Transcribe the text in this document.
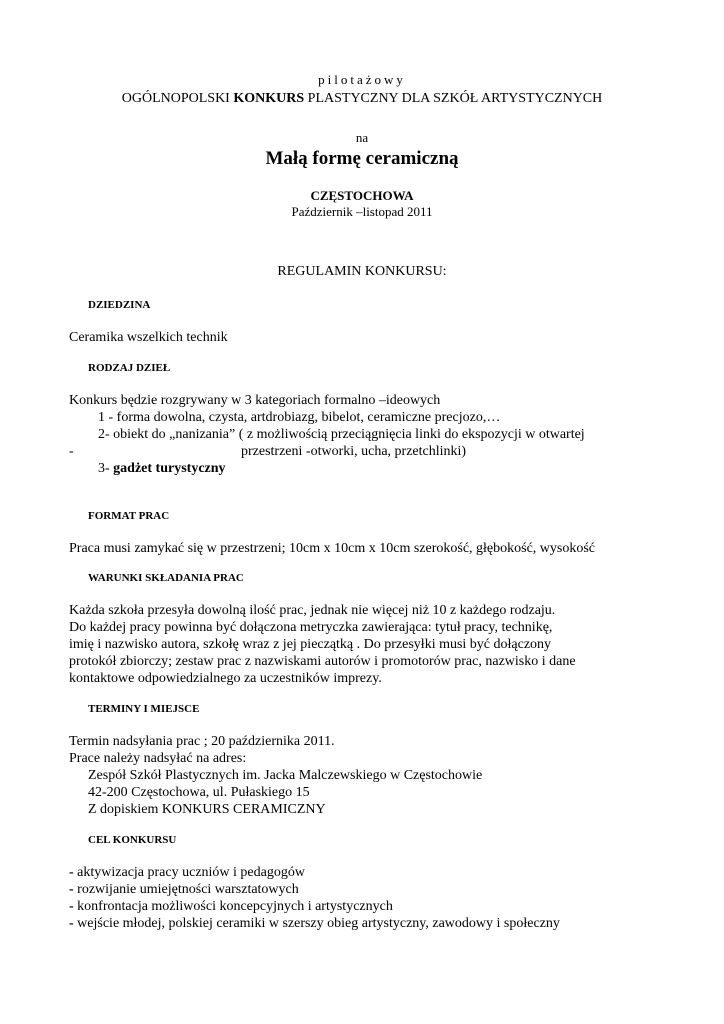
pilotażowy
OGÓLNOPOLSKI KONKURS PLASTYCZNY DLA SZKÓŁ ARTYSTYCZNYCH
na
Małą formę ceramiczną
CZĘSTOCHOWA
Październik –listopad 2011
REGULAMIN KONKURSU:
DZIEDZINA
Ceramika wszelkich technik
RODZAJ DZIEŁ
Konkurs będzie rozgrywany w 3 kategoriach formalno –ideowych
1 - forma dowolna, czysta, artdrobiazg, bibelot, ceramiczne precjozo,…
2- obiekt do „nanizania” ( z możliwością przeciągnięcia linki do ekspozycji w otwartej
-	przestrzeni -otworki, ucha, przetchlinki)
3- gadżet turystyczny
FORMAT PRAC
Praca musi zamykać się w przestrzeni; 10cm x 10cm x 10cm szerokość, głębokość, wysokość
WARUNKI SKŁADANIA PRAC
Każda szkoła przesyła dowolną ilość prac, jednak nie więcej niż 10 z każdego rodzaju.
Do każdej pracy powinna być dołączona metryczka zawierająca: tytuł pracy, technikę,
imię i nazwisko autora, szkołę wraz z jej pieczątką . Do przesyłki musi być dołączony
protokół zbiorczy; zestaw prac z nazwiskami autorów i promotorów prac, nazwisko i dane
kontaktowe odpowiedzialnego za uczestników imprezy.
TERMINY I MIEJSCE
Termin nadsyłania prac ; 20 października 2011.
Prace należy nadsyłać na adres:
Zespół Szkół Plastycznych im. Jacka Malczewskiego w Częstochowie
42-200 Częstochowa, ul. Pułaskiego 15
Z dopiskiem KONKURS CERAMICZNY
CEL KONKURSU
- aktywizacja pracy uczniów i pedagogów
- rozwijanie umiejętności warsztatowych
- konfrontacja możliwości koncepcyjnych i artystycznych
- wejście młodej, polskiej ceramiki w szerszy obieg artystyczny, zawodowy i społeczny
